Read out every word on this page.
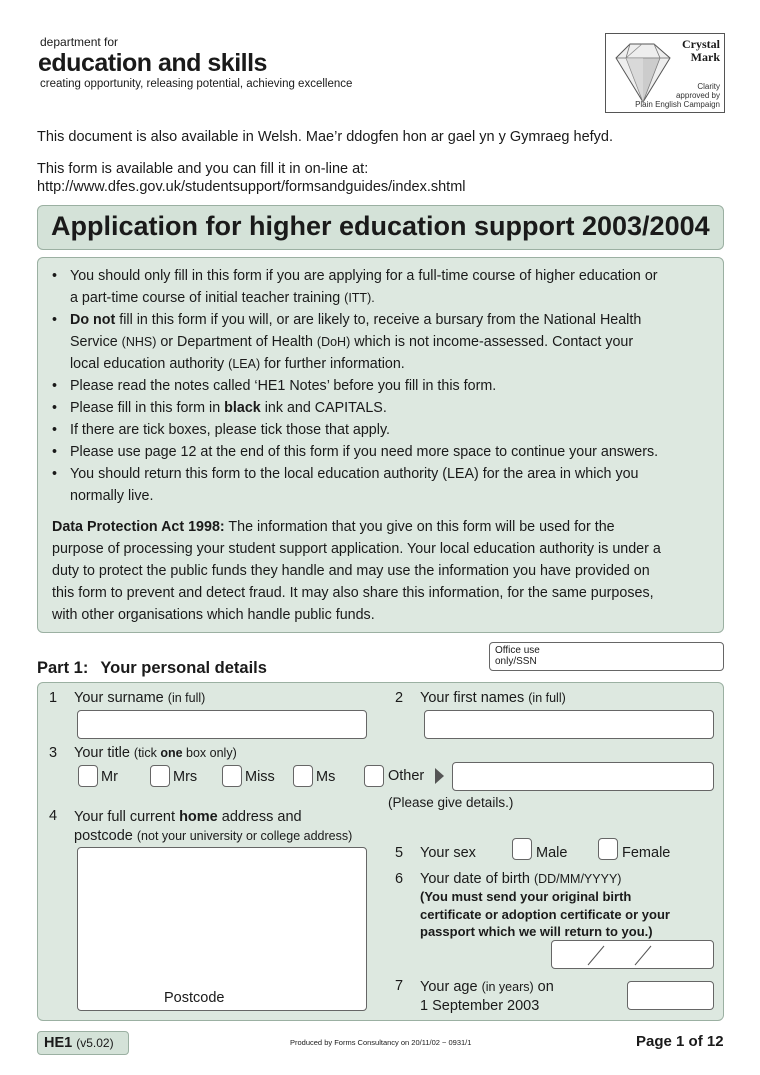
department for
education and skills
creating opportunity, releasing potential, achieving excellence
Crystal
Mark
Clarity
approved by
Plain English Campaign
This document is also available in Welsh. Mae’r ddogfen hon ar gael yn y Gymraeg hefyd.
This form is available and you can fill it in on-line at:
http://www.dfes.gov.uk/studentsupport/formsandguides/index.shtml
Application for higher education support 2003/2004
• You should only fill in this form if you are applying for a full-time course of higher education or
a part-time course of initial teacher training (ITT).
• Do not fill in this form if you will, or are likely to, receive a bursary from the National Health
Service (NHS) or Department of Health (DoH) which is not income-assessed. Contact your
local education authority (LEA) for further information.
• Please read the notes called ‘HE1 Notes’ before you fill in this form.
• Please fill in this form in black ink and CAPITALS.
• If there are tick boxes, please tick those that apply.
• Please use page 12 at the end of this form if you need more space to continue your answers.
• You should return this form to the local education authority (LEA) for the area in which you
normally live.
Data Protection Act 1998: The information that you give on this form will be used for the
purpose of processing your student support application. Your local education authority is under a
duty to protect the public funds they handle and may use the information you have provided on
this form to prevent and detect fraud. It may also share this information, for the same purposes,
with other organisations which handle public funds.
Part 1: Your personal details
Office use
only/SSN
1 Your surname (in full)	2 Your first names (in full)
3 Your title (tick one box only)
Mr	Mrs	Miss	Ms	Other
(Please give details.)
4 Your full current home address and
postcode (not your university or college address)
Postcode
5 Your sex	Male	Female
6 Your date of birth (DD/MM/YYYY)
(You must send your original birth
certificate or adoption certificate or your
passport which we will return to you.)
7 Your age (in years) on
1 September 2003
HE1 (v5.02)	Produced by Forms Consultancy on 20/11/02 ~ 0931/1	Page 1 of 12
